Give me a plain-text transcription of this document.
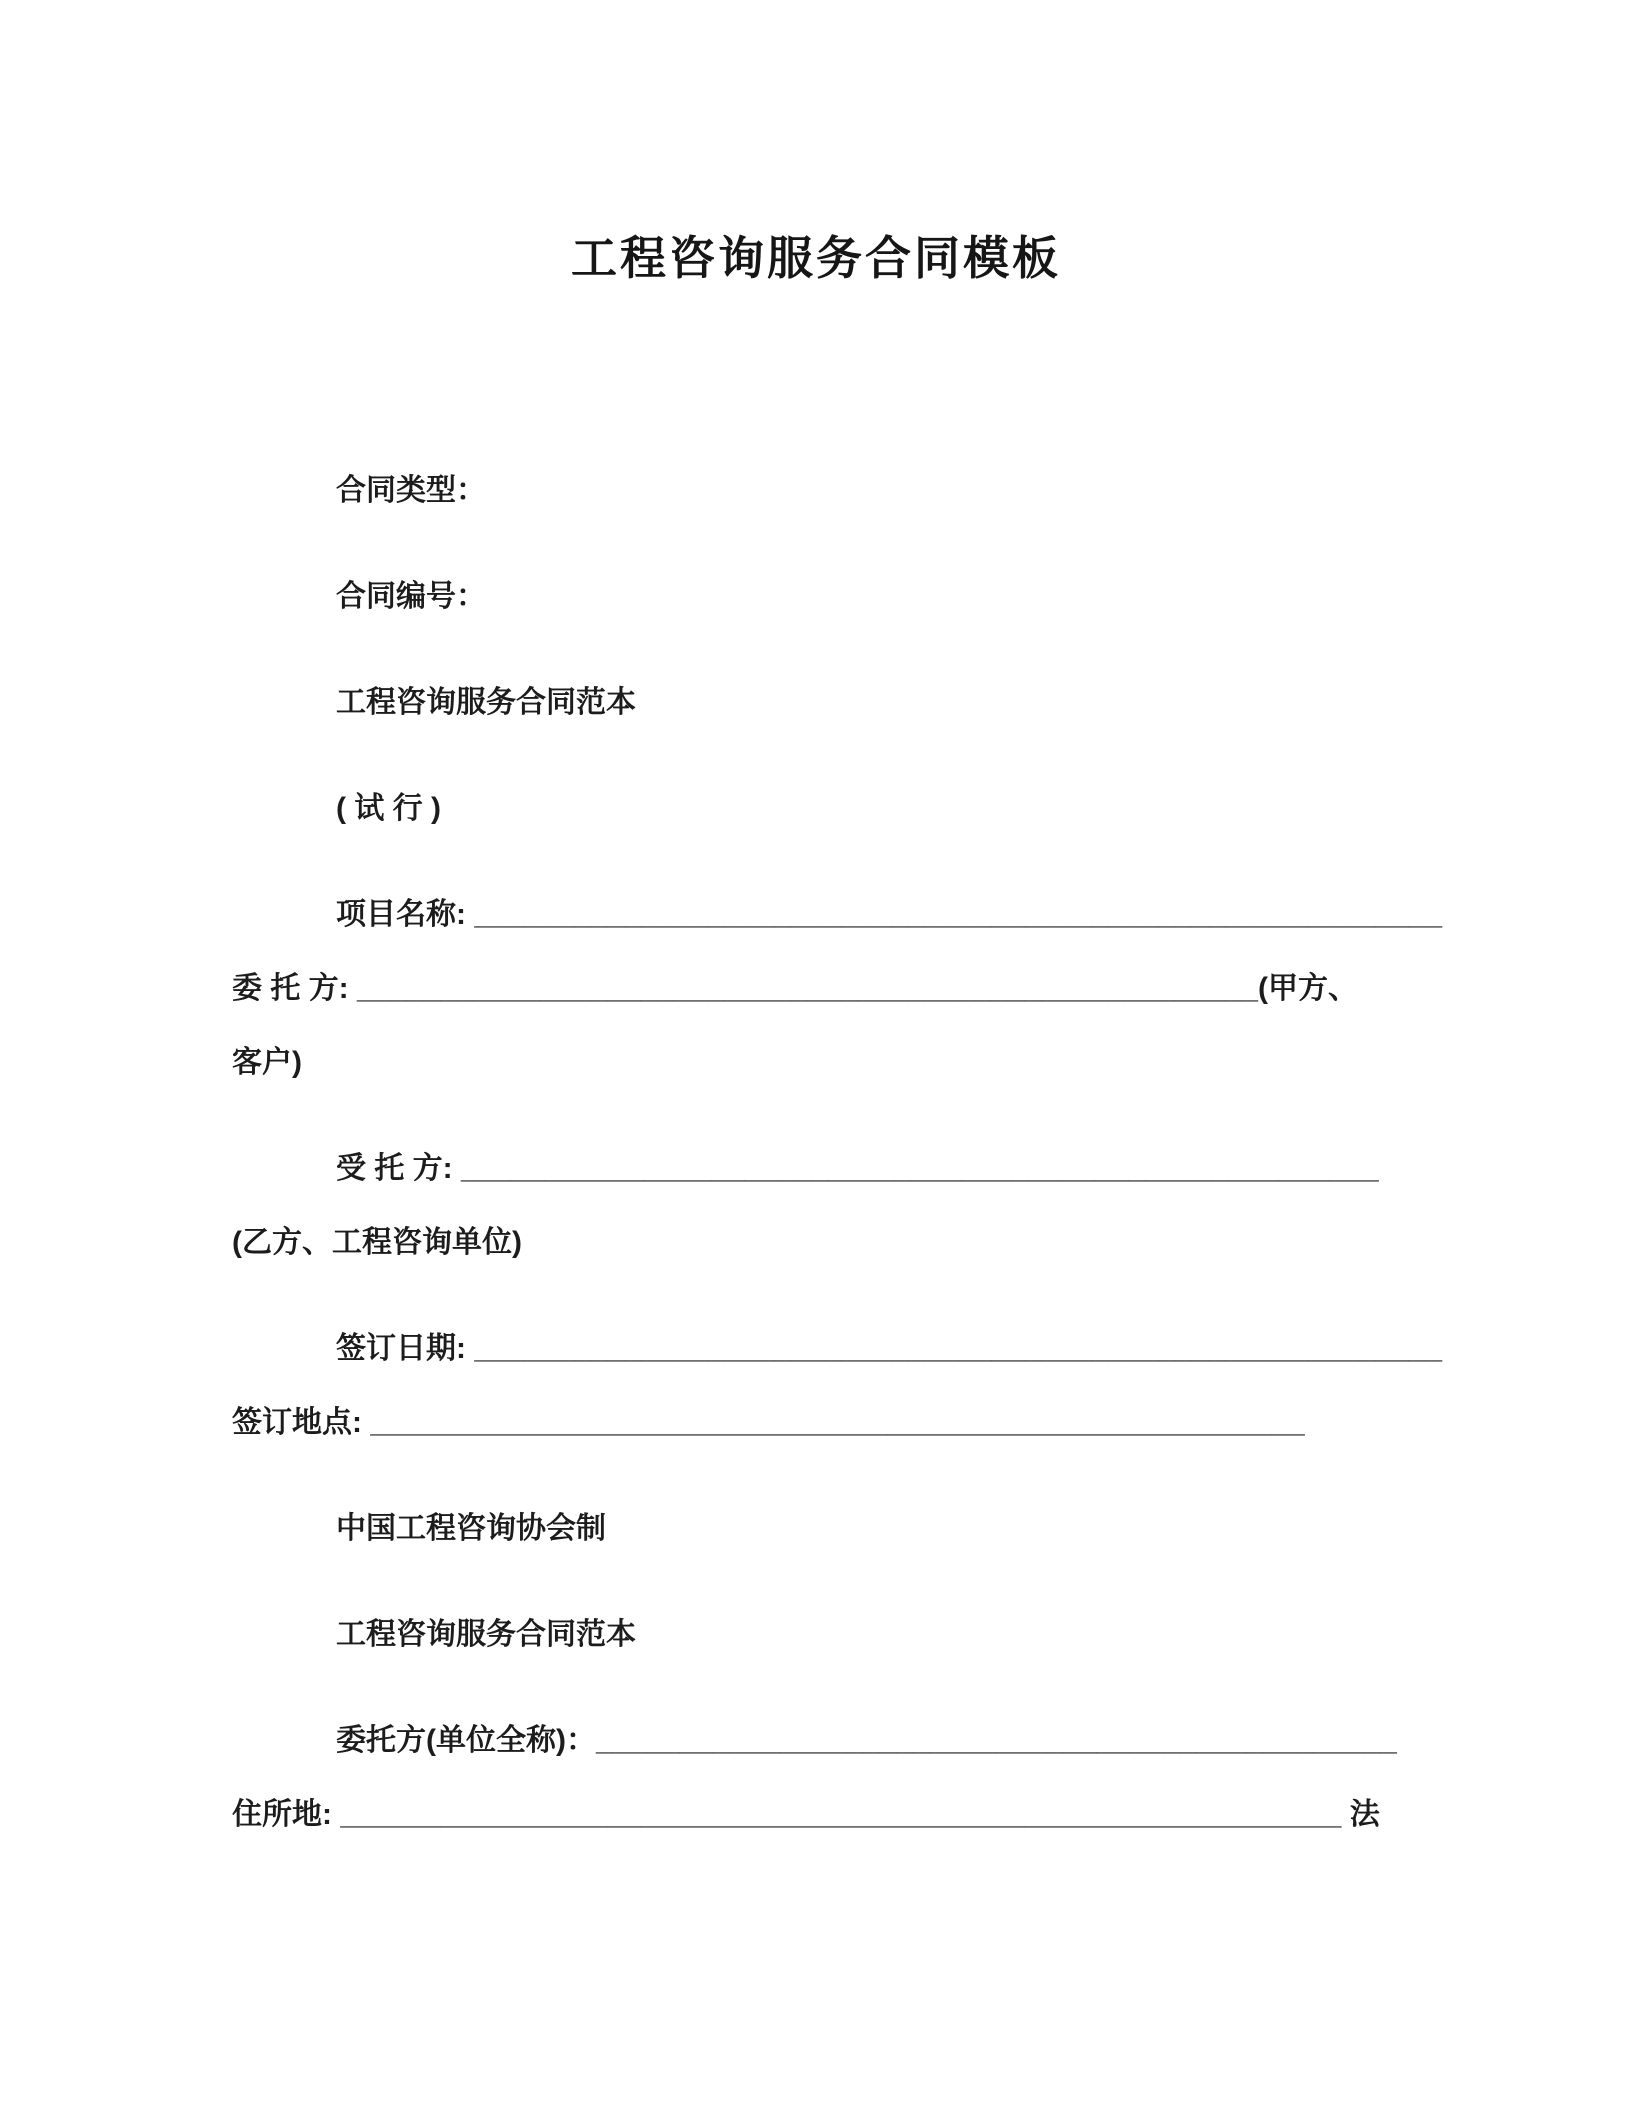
工程咨询服务合同模板
合同类型：
合同编号：
工程咨询服务合同范本
( 试 行 )
项目名称: __________________________________________________________
委 托 方: ______________________________________________________(甲方、
客户)
受 托 方: _______________________________________________________
(乙方、工程咨询单位)
签订日期: __________________________________________________________
签订地点: ________________________________________________________
中国工程咨询协会制
工程咨询服务合同范本
委托方(单位全称)：________________________________________________
住所地: ____________________________________________________________ 法
